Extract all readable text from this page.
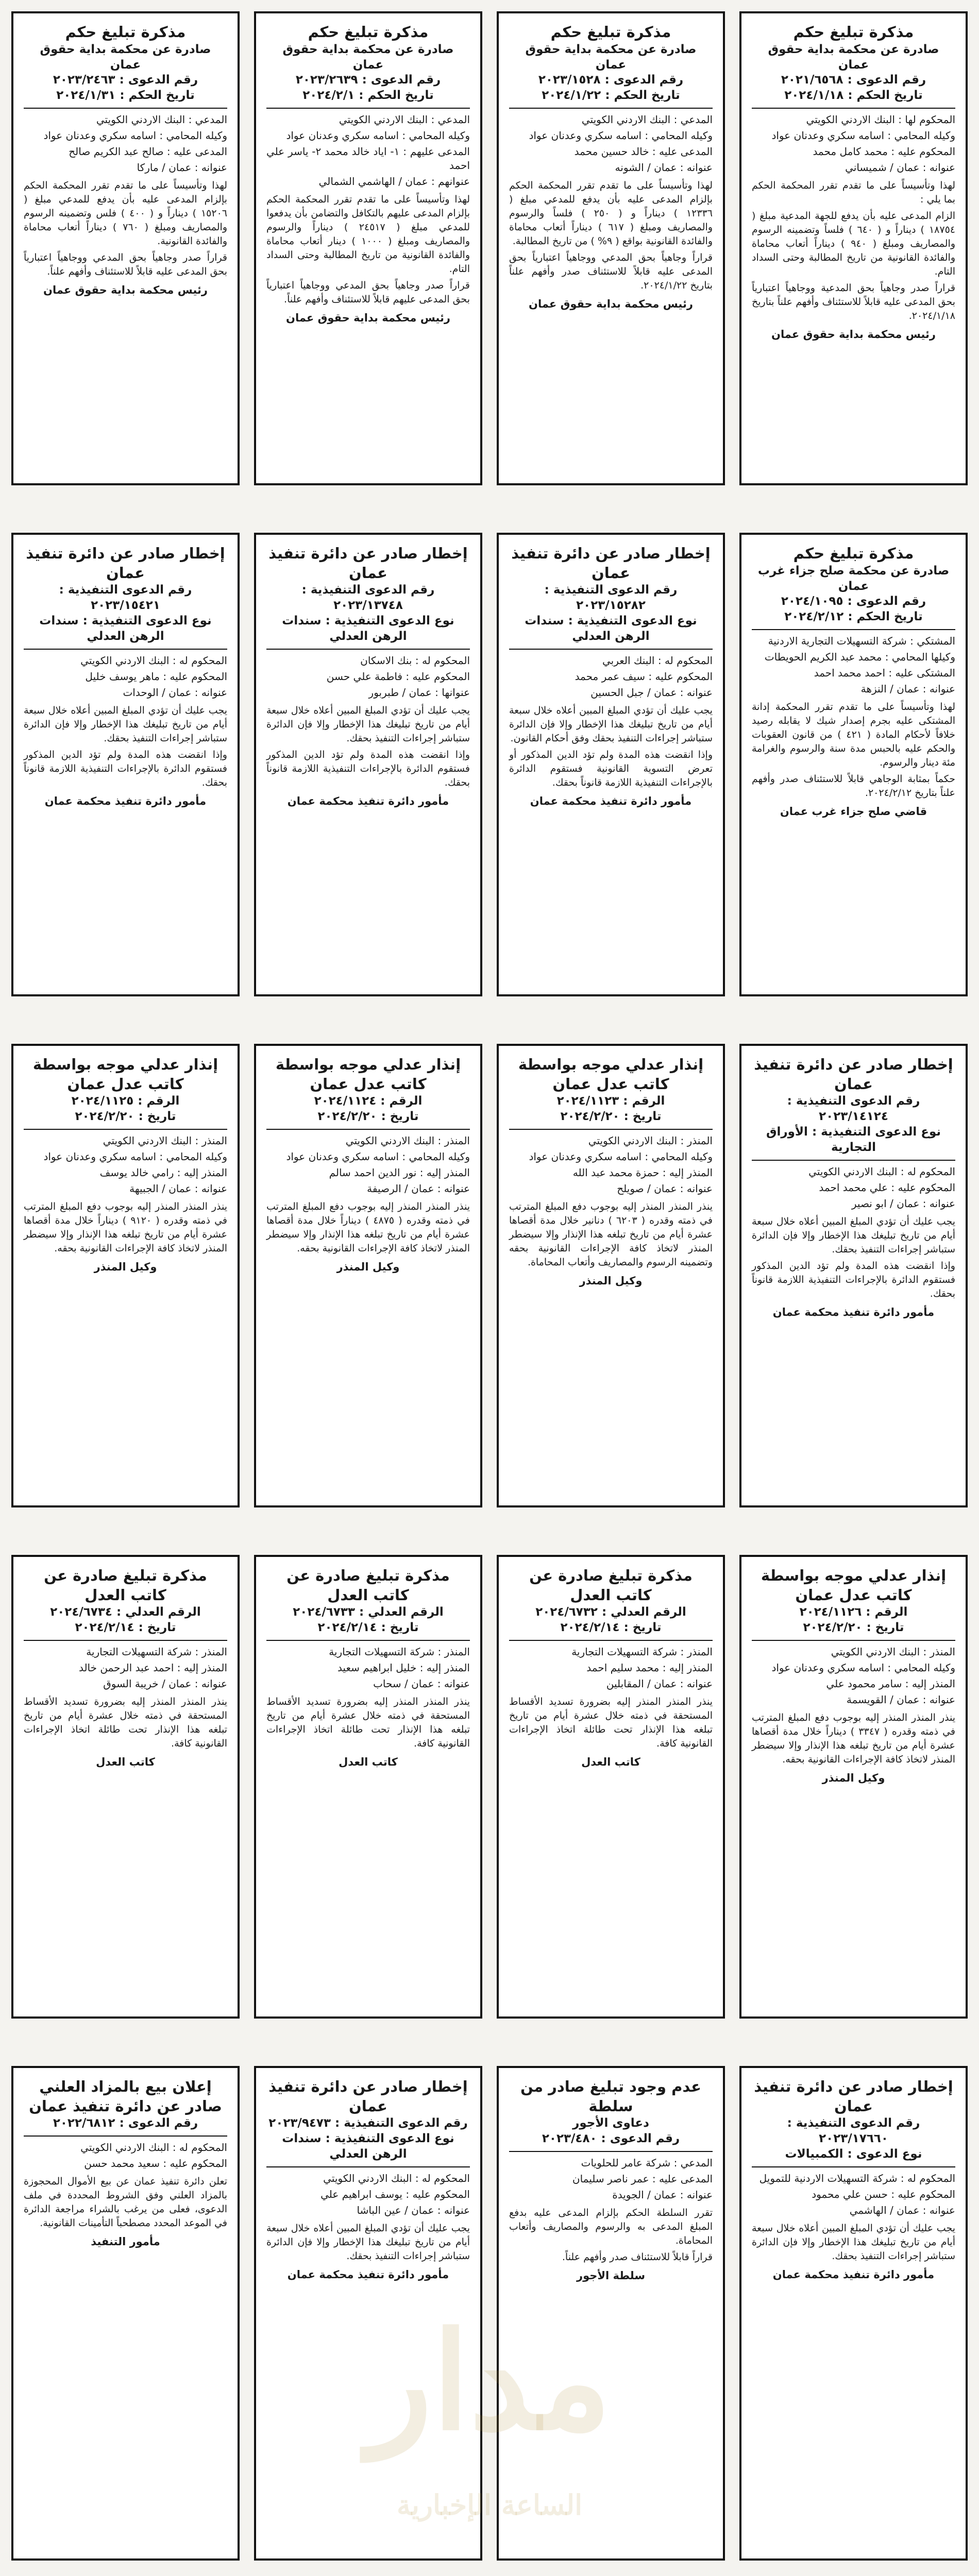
مذكرة تبليغ حكم
صادرة عن محكمة بداية حقوق عمان
رقم الدعوى : ٢٠٢١/٦٥٦٨
تاريخ الحكم : ٢٠٢٤/١/١٨
المحكوم لها : البنك الاردني الكويتي
وكيله المحامي : اسامه سكري وعدنان عواد
المحكوم عليه : محمد كامل محمد
عنوانه : عمان / شميساني

لهذا وتأسيساً على ما تقدم تقرر المحكمة الحكم بما يلي :

الزام المدعى عليه بأن يدفع للجهة المدعية مبلغ ( ١٨٧٥٤ ) ديناراً و ( ٦٤٠ ) فلساً وتضمينه الرسوم والمصاريف ومبلغ ( ٩٤٠ ) ديناراً أتعاب محاماة والفائدة القانونية من تاريخ المطالبة وحتى السداد التام.

قراراً صدر وجاهياً بحق المدعية ووجاهياً اعتبارياً بحق المدعى عليه قابلاً للاستئناف وأفهم علناً بتاريخ ٢٠٢٤/١/١٨.

رئيس محكمة بداية حقوق عمان
مذكرة تبليغ حكم
صادرة عن محكمة بداية حقوق عمان
رقم الدعوى : ٢٠٢٣/١٥٢٨
تاريخ الحكم : ٢٠٢٤/١/٢٢
المدعي : البنك الاردني الكويتي
وكيله المحامي : اسامه سكري وعدنان عواد
المدعى عليه : خالد حسين محمد
عنوانه : عمان / الشونه

لهذا وتأسيساً على ما تقدم تقرر المحكمة الحكم بإلزام المدعى عليه بأن يدفع للمدعي مبلغ ( ١٢٣٣٦ ) ديناراً و ( ٢٥٠ ) فلساً والرسوم والمصاريف ومبلغ ( ٦١٧ ) ديناراً أتعاب محاماة والفائدة القانونية بواقع ( ٩% ) من تاريخ المطالبة.

قراراً وجاهياً بحق المدعي ووجاهياً اعتبارياً بحق المدعى عليه قابلاً للاستئناف صدر وأفهم علناً بتاريخ ٢٠٢٤/١/٢٢.

رئيس محكمة بداية حقوق عمان
مذكرة تبليغ حكم
صادرة عن محكمة بداية حقوق عمان
رقم الدعوى : ٢٠٢٣/٢٦٣٩
تاريخ الحكم : ٢٠٢٤/٢/١
المدعي : البنك الاردني الكويتي
وكيله المحامي : اسامه سكري وعدنان عواد
المدعى عليهم : ١- اياد خالد محمد ٢- ياسر علي احمد
عنوانهم : عمان / الهاشمي الشمالي

لهذا وتأسيساً على ما تقدم تقرر المحكمة الحكم بإلزام المدعى عليهم بالتكافل والتضامن بأن يدفعوا للمدعي مبلغ ( ٢٤٥١٧ ) ديناراً والرسوم والمصاريف ومبلغ ( ١٠٠٠ ) دينار أتعاب محاماة والفائدة القانونية من تاريخ المطالبة وحتى السداد التام.

قراراً صدر وجاهياً بحق المدعي ووجاهياً اعتبارياً بحق المدعى عليهم قابلاً للاستئناف وأفهم علناً.

رئيس محكمة بداية حقوق عمان
مذكرة تبليغ حكم
صادرة عن محكمة بداية حقوق عمان
رقم الدعوى : ٢٠٢٣/٢٤٦٣
تاريخ الحكم : ٢٠٢٤/١/٣١
المدعي : البنك الاردني الكويتي
وكيله المحامي : اسامه سكري وعدنان عواد
المدعى عليه : صالح عبد الكريم صالح
عنوانه : عمان / ماركا

لهذا وتأسيساً على ما تقدم تقرر المحكمة الحكم بإلزام المدعى عليه بأن يدفع للمدعي مبلغ ( ١٥٢٠٦ ) ديناراً و ( ٤٠٠ ) فلس وتضمينه الرسوم والمصاريف ومبلغ ( ٧٦٠ ) ديناراً أتعاب محاماة والفائدة القانونية.

قراراً صدر وجاهياً بحق المدعي ووجاهياً اعتبارياً بحق المدعى عليه قابلاً للاستئناف وأفهم علناً.

رئيس محكمة بداية حقوق عمان
مذكرة تبليغ حكم
صادرة عن محكمة صلح جزاء غرب عمان
رقم الدعوى : ٢٠٢٤/١٠٩٥
تاريخ الحكم : ٢٠٢٤/٢/١٢
المشتكي : شركة التسهيلات التجارية الاردنية
وكيلها المحامي : محمد عبد الكريم الحويطات
المشتكى عليه : احمد محمد احمد
عنوانه : عمان / النزهة

لهذا وتأسيساً على ما تقدم تقرر المحكمة إدانة المشتكى عليه بجرم إصدار شيك لا يقابله رصيد خلافاً لأحكام المادة ( ٤٢١ ) من قانون العقوبات والحكم عليه بالحبس مدة سنة والرسوم والغرامة مئة دينار والرسوم.

حكماً بمثابة الوجاهي قابلاً للاستئناف صدر وأفهم علناً بتاريخ ٢٠٢٤/٢/١٢.

قاضي صلح جزاء غرب عمان
إخطار صادر عن دائرة تنفيذ عمان
رقم الدعوى التنفيذية : ٢٠٢٣/١٥٢٨٢
نوع الدعوى التنفيذية : سندات الرهن العدلي
المحكوم له : البنك العربي
المحكوم عليه : سيف عمر محمد
عنوانه : عمان / جبل الحسين

يجب عليك أن تؤدي المبلغ المبين أعلاه خلال سبعة أيام من تاريخ تبليغك هذا الإخطار وإلا فإن الدائرة ستباشر إجراءات التنفيذ بحقك وفق أحكام القانون.

وإذا انقضت هذه المدة ولم تؤد الدين المذكور أو تعرض التسوية القانونية فستقوم الدائرة بالإجراءات التنفيذية اللازمة قانوناً بحقك.

مأمور دائرة تنفيذ محكمة عمان
إخطار صادر عن دائرة تنفيذ عمان
رقم الدعوى التنفيذية : ٢٠٢٣/١٣٧٤٨
نوع الدعوى التنفيذية : سندات الرهن العدلي
المحكوم له : بنك الاسكان
المحكوم عليه : فاطمة علي حسن
عنوانها : عمان / طبربور

يجب عليك أن تؤدي المبلغ المبين أعلاه خلال سبعة أيام من تاريخ تبليغك هذا الإخطار وإلا فإن الدائرة ستباشر إجراءات التنفيذ بحقك.

وإذا انقضت هذه المدة ولم تؤد الدين المذكور فستقوم الدائرة بالإجراءات التنفيذية اللازمة قانوناً بحقك.

مأمور دائرة تنفيذ محكمة عمان
إخطار صادر عن دائرة تنفيذ عمان
رقم الدعوى التنفيذية : ٢٠٢٣/١٥٤٢١
نوع الدعوى التنفيذية : سندات الرهن العدلي
المحكوم له : البنك الاردني الكويتي
المحكوم عليه : ماهر يوسف خليل
عنوانه : عمان / الوحدات

يجب عليك أن تؤدي المبلغ المبين أعلاه خلال سبعة أيام من تاريخ تبليغك هذا الإخطار وإلا فإن الدائرة ستباشر إجراءات التنفيذ بحقك.

وإذا انقضت هذه المدة ولم تؤد الدين المذكور فستقوم الدائرة بالإجراءات التنفيذية اللازمة قانوناً بحقك.

مأمور دائرة تنفيذ محكمة عمان
إخطار صادر عن دائرة تنفيذ عمان
رقم الدعوى التنفيذية : ٢٠٢٣/١٤١٢٤
نوع الدعوى التنفيذية : الأوراق التجارية
المحكوم له : البنك الاردني الكويتي
المحكوم عليه : علي محمد احمد
عنوانه : عمان / ابو نصير

يجب عليك أن تؤدي المبلغ المبين أعلاه خلال سبعة أيام من تاريخ تبليغك هذا الإخطار وإلا فإن الدائرة ستباشر إجراءات التنفيذ بحقك.

وإذا انقضت هذه المدة ولم تؤد الدين المذكور فستقوم الدائرة بالإجراءات التنفيذية اللازمة قانوناً بحقك.

مأمور دائرة تنفيذ محكمة عمان
إنذار عدلي موجه بواسطة كاتب عدل عمان
الرقم : ٢٠٢٤/١١٢٣
تاريخ : ٢٠٢٤/٢/٢٠
المنذر : البنك الاردني الكويتي
وكيله المحامي : اسامه سكري وعدنان عواد
المنذر إليه : حمزة محمد عبد الله
عنوانه : عمان / صويلح

ينذر المنذر المنذر إليه بوجوب دفع المبلغ المترتب في ذمته وقدره ( ٦٢٠٣ ) دنانير خلال مدة أقصاها عشرة أيام من تاريخ تبلغه هذا الإنذار وإلا سيضطر المنذر لاتخاذ كافة الإجراءات القانونية بحقه وتضمينه الرسوم والمصاريف وأتعاب المحاماة.

وكيل المنذر
إنذار عدلي موجه بواسطة كاتب عدل عمان
الرقم : ٢٠٢٤/١١٢٤
تاريخ : ٢٠٢٤/٢/٢٠
المنذر : البنك الاردني الكويتي
وكيله المحامي : اسامه سكري وعدنان عواد
المنذر إليه : نور الدين احمد سالم
عنوانه : عمان / الرصيفة

ينذر المنذر المنذر إليه بوجوب دفع المبلغ المترتب في ذمته وقدره ( ٤٨٧٥ ) ديناراً خلال مدة أقصاها عشرة أيام من تاريخ تبلغه هذا الإنذار وإلا سيضطر المنذر لاتخاذ كافة الإجراءات القانونية بحقه.

وكيل المنذر
إنذار عدلي موجه بواسطة كاتب عدل عمان
الرقم : ٢٠٢٤/١١٢٥
تاريخ : ٢٠٢٤/٢/٢٠
المنذر : البنك الاردني الكويتي
وكيله المحامي : اسامه سكري وعدنان عواد
المنذر إليه : رامي خالد يوسف
عنوانه : عمان / الجبيهة

ينذر المنذر المنذر إليه بوجوب دفع المبلغ المترتب في ذمته وقدره ( ٩١٢٠ ) ديناراً خلال مدة أقصاها عشرة أيام من تاريخ تبلغه هذا الإنذار وإلا سيضطر المنذر لاتخاذ كافة الإجراءات القانونية بحقه.

وكيل المنذر
إنذار عدلي موجه بواسطة كاتب عدل عمان
الرقم : ٢٠٢٤/١١٢٦
تاريخ : ٢٠٢٤/٢/٢٠
المنذر : البنك الاردني الكويتي
وكيله المحامي : اسامه سكري وعدنان عواد
المنذر إليه : سامر محمود علي
عنوانه : عمان / القويسمة

ينذر المنذر المنذر إليه بوجوب دفع المبلغ المترتب في ذمته وقدره ( ٣٣٤٧ ) ديناراً خلال مدة أقصاها عشرة أيام من تاريخ تبلغه هذا الإنذار وإلا سيضطر المنذر لاتخاذ كافة الإجراءات القانونية بحقه.

وكيل المنذر
مذكرة تبليغ صادرة عن كاتب العدل
الرقم العدلي : ٢٠٢٤/٦٧٣٢
تاريخ : ٢٠٢٤/٢/١٤
المنذر : شركة التسهيلات التجارية
المنذر إليه : محمد سليم احمد
عنوانه : عمان / المقابلين

ينذر المنذر المنذر إليه بضرورة تسديد الأقساط المستحقة في ذمته خلال عشرة أيام من تاريخ تبلغه هذا الإنذار تحت طائلة اتخاذ الإجراءات القانونية كافة.

كاتب العدل
مذكرة تبليغ صادرة عن كاتب العدل
الرقم العدلي : ٢٠٢٤/٦٧٣٣
تاريخ : ٢٠٢٤/٢/١٤
المنذر : شركة التسهيلات التجارية
المنذر إليه : خليل ابراهيم سعيد
عنوانه : عمان / سحاب

ينذر المنذر المنذر إليه بضرورة تسديد الأقساط المستحقة في ذمته خلال عشرة أيام من تاريخ تبلغه هذا الإنذار تحت طائلة اتخاذ الإجراءات القانونية كافة.

كاتب العدل
مذكرة تبليغ صادرة عن كاتب العدل
الرقم العدلي : ٢٠٢٤/٦٧٣٤
تاريخ : ٢٠٢٤/٢/١٤
المنذر : شركة التسهيلات التجارية
المنذر إليه : احمد عبد الرحمن خالد
عنوانه : عمان / خريبة السوق

ينذر المنذر المنذر إليه بضرورة تسديد الأقساط المستحقة في ذمته خلال عشرة أيام من تاريخ تبلغه هذا الإنذار تحت طائلة اتخاذ الإجراءات القانونية كافة.

كاتب العدل
إخطار صادر عن دائرة تنفيذ عمان
رقم الدعوى التنفيذية : ٢٠٢٣/١٧٦٦٠
نوع الدعوى : الكمبيالات
المحكوم له : شركة التسهيلات الاردنية للتمويل
المحكوم عليه : حسن علي محمود
عنوانه : عمان / الهاشمي

يجب عليك أن تؤدي المبلغ المبين أعلاه خلال سبعة أيام من تاريخ تبليغك هذا الإخطار وإلا فإن الدائرة ستباشر إجراءات التنفيذ بحقك.

مأمور دائرة تنفيذ محكمة عمان
عدم وجود تبليغ صادر من سلطة
دعاوى الأجور
رقم الدعوى : ٢٠٢٣/٤٨٠
المدعي : شركة عامر للحلويات
المدعى عليه : عمر ناصر سليمان
عنوانه : عمان / الجويدة

تقرر السلطة الحكم بإلزام المدعى عليه بدفع المبلغ المدعى به والرسوم والمصاريف وأتعاب المحاماة.

قراراً قابلاً للاستئناف صدر وأفهم علناً.

سلطة الأجور
إخطار صادر عن دائرة تنفيذ عمان
رقم الدعوى التنفيذية : ٢٠٢٣/٩٤٧٣
نوع الدعوى التنفيذية : سندات الرهن العدلي
المحكوم له : البنك الاردني الكويتي
المحكوم عليه : يوسف ابراهيم علي
عنوانه : عمان / عين الباشا

يجب عليك أن تؤدي المبلغ المبين أعلاه خلال سبعة أيام من تاريخ تبليغك هذا الإخطار وإلا فإن الدائرة ستباشر إجراءات التنفيذ بحقك.

مأمور دائرة تنفيذ محكمة عمان
إعلان بيع بالمزاد العلني صادر عن دائرة تنفيذ عمان
رقم الدعوى : ٢٠٢٢/٦٨١٢
المحكوم له : البنك الاردني الكويتي
المحكوم عليه : سعيد محمد حسن

تعلن دائرة تنفيذ عمان عن بيع الأموال المحجوزة بالمزاد العلني وفق الشروط المحددة في ملف الدعوى، فعلى من يرغب بالشراء مراجعة الدائرة في الموعد المحدد مصطحباً التأمينات القانونية.

مأمور التنفيذ

مدار
الساعة الإخبارية
